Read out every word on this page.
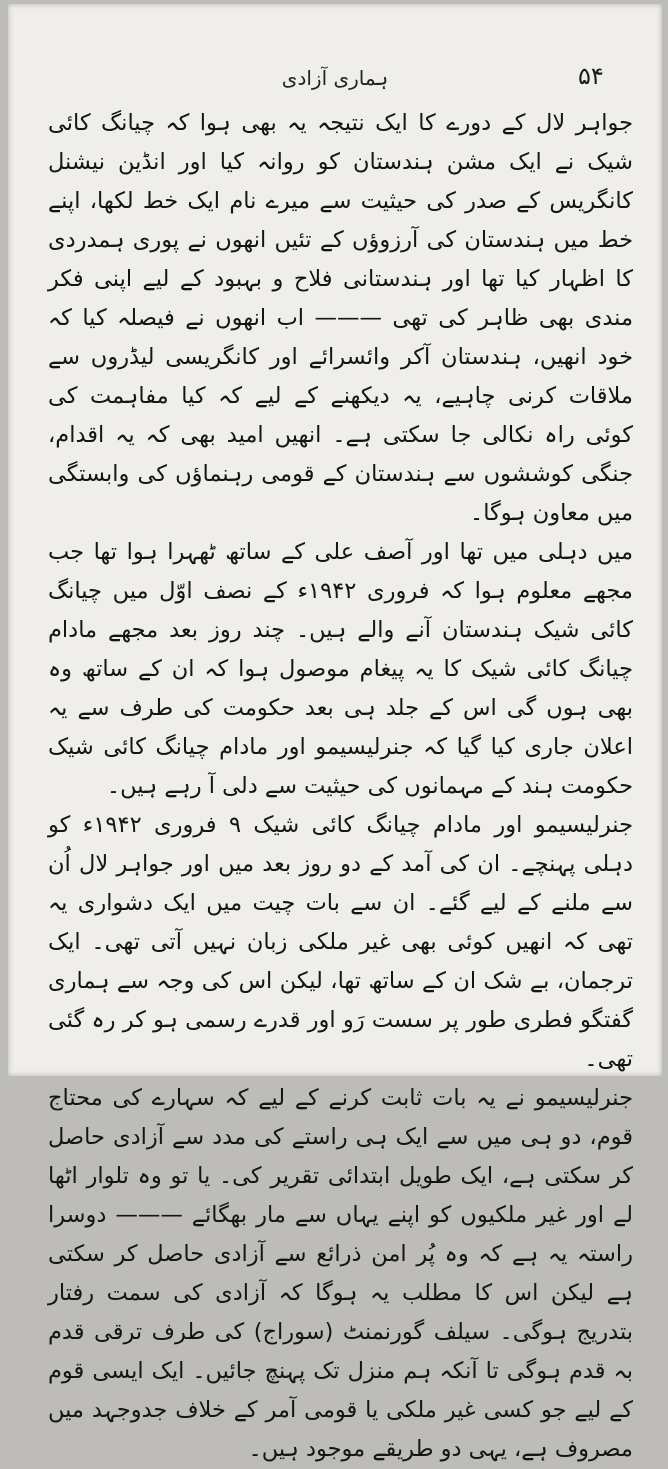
۵۴
ہماری آزادی

جواہر لال کے دورے کا ایک نتیجہ یہ بھی ہوا کہ چیانگ کائی شیک نے ایک مشن ہندستان کو روانہ کیا اور انڈین نیشنل کانگریس کے صدر کی حیثیت سے میرے نام ایک خط لکھا، اپنے خط میں ہندستان کی آرزوؤں کے تئیں انھوں نے پوری ہمدردی کا اظہار کیا تھا اور ہندستانی فلاح و بہبود کے لیے اپنی فکر مندی بھی ظاہر کی تھی ——— اب انھوں نے فیصلہ کیا کہ خود انھیں، ہندستان آکر وائسرائے اور کانگریسی لیڈروں سے ملاقات کرنی چاہیے، یہ دیکھنے کے لیے کہ کیا مفاہمت کی کوئی راہ نکالی جا سکتی ہے۔ انھیں امید بھی کہ یہ اقدام، جنگی کوششوں سے ہندستان کے قومی رہنماؤں کی وابستگی میں معاون ہوگا۔

میں دہلی میں تھا اور آصف علی کے ساتھ ٹھہرا ہوا تھا جب مجھے معلوم ہوا کہ فروری ۱۹۴۲ء کے نصف اوّل میں چیانگ کائی شیک ہندستان آنے والے ہیں۔ چند روز بعد مجھے مادام چیانگ کائی شیک کا یہ پیغام موصول ہوا کہ ان کے ساتھ وہ بھی ہوں گی اس کے جلد ہی بعد حکومت کی طرف سے یہ اعلان جاری کیا گیا کہ جنرلیسیمو اور مادام چیانگ کائی شیک حکومت ہند کے مہمانوں کی حیثیت سے دلی آ رہے ہیں۔

جنرلیسیمو اور مادام چیانگ کائی شیک ۹ فروری ۱۹۴۲ء کو دہلی پہنچے۔ ان کی آمد کے دو روز بعد میں اور جواہر لال اُن سے ملنے کے لیے گئے۔ ان سے بات چیت میں ایک دشواری یہ تھی کہ انھیں کوئی بھی غیر ملکی زبان نہیں آتی تھی۔ ایک ترجمان، بے شک ان کے ساتھ تھا، لیکن اس کی وجہ سے ہماری گفتگو فطری طور پر سست رَو اور قدرے رسمی ہو کر رہ گئی تھی۔

جنرلیسیمو نے یہ بات ثابت کرنے کے لیے کہ سہارے کی محتاج قوم، دو ہی میں سے ایک ہی راستے کی مدد سے آزادی حاصل کر سکتی ہے، ایک طویل ابتدائی تقریر کی۔ یا تو وہ تلوار اٹھا لے اور غیر ملکیوں کو اپنے یہاں سے مار بھگائے ——— دوسرا راستہ یہ ہے کہ وہ پُر امن ذرائع سے آزادی حاصل کر سکتی ہے لیکن اس کا مطلب یہ ہوگا کہ آزادی کی سمت رفتار بتدریج ہوگی۔ سیلف گورنمنٹ (سوراج) کی طرف ترقی قدم بہ قدم ہوگی تا آنکہ ہم منزل تک پہنچ جائیں۔ ایک ایسی قوم کے لیے جو کسی غیر ملکی یا قومی آمر کے خلاف جدوجہد میں مصروف ہے، یہی دو طریقے موجود ہیں۔
